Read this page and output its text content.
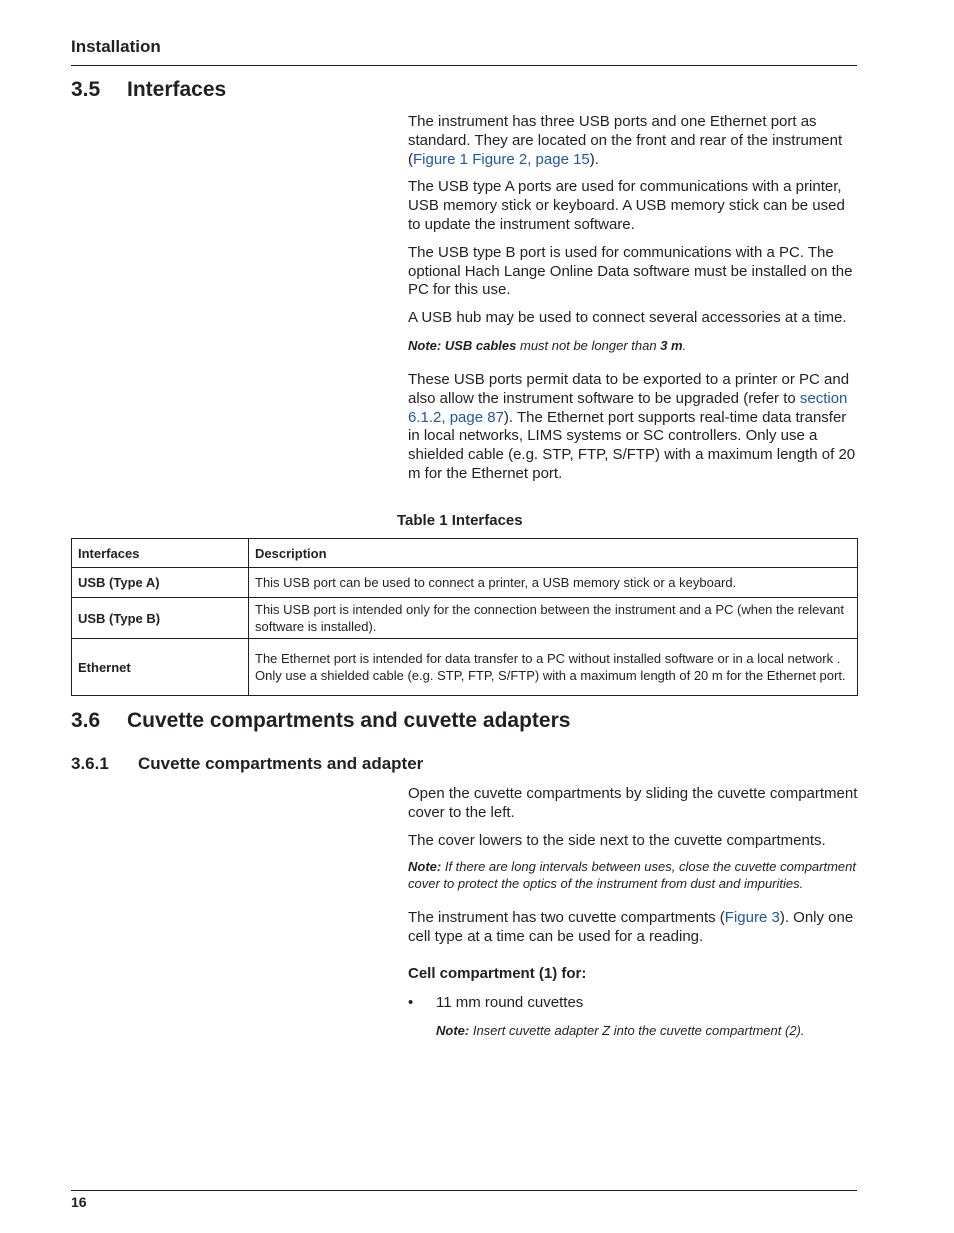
Installation
3.5 Interfaces

The instrument has three USB ports and one Ethernet port as standard. They are located on the front and rear of the instrument (Figure 1 Figure 2, page 15).

The USB type A ports are used for communications with a printer, USB memory stick or keyboard. A USB memory stick can be used to update the instrument software.

The USB type B port is used for communications with a PC. The optional Hach Lange Online Data software must be installed on the PC for this use.

A USB hub may be used to connect several accessories at a time.

Note: USB cables must not be longer than 3 m.

These USB ports permit data to be exported to a printer or PC and also allow the instrument software to be upgraded (refer to section 6.1.2, page 87). The Ethernet port supports real-time data transfer in local networks, LIMS systems or SC controllers. Only use a shielded cable (e.g. STP, FTP, S/FTP) with a maximum length of 20 m for the Ethernet port.

Table 1 Interfaces
Interfaces	Description
USB (Type A)	This USB port can be used to connect a printer, a USB memory stick or a keyboard.
USB (Type B)	This USB port is intended only for the connection between the instrument and a PC (when the relevant software is installed).
Ethernet	The Ethernet port is intended for data transfer to a PC without installed software or in a local network . Only use a shielded cable (e.g. STP, FTP, S/FTP) with a maximum length of 20 m for the Ethernet port.
3.6 Cuvette compartments and cuvette adapters
3.6.1 Cuvette compartments and adapter

Open the cuvette compartments by sliding the cuvette compartment cover to the left.

The cover lowers to the side next to the cuvette compartments.

Note: If there are long intervals between uses, close the cuvette compartment cover to protect the optics of the instrument from dust and impurities.

The instrument has two cuvette compartments (Figure 3). Only one cell type at a time can be used for a reading.

Cell compartment (1) for:

• 11 mm round cuvettes

Note: Insert cuvette adapter Z into the cuvette compartment (2).

16
